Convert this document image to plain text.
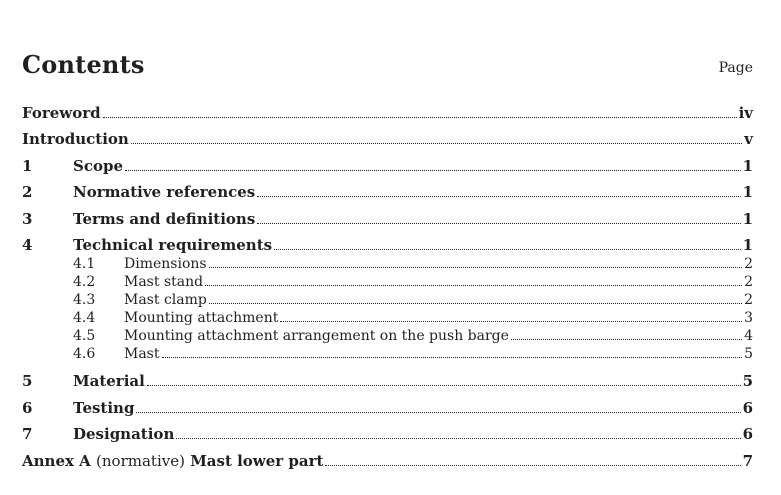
Contents	Page
Foreword	iv
Introduction	v
1	Scope	1
2	Normative references	1
3	Terms and definitions	1
4	Technical requirements	1
4.1	Dimensions	2
4.2	Mast stand	2
4.3	Mast clamp	2
4.4	Mounting attachment	3
4.5	Mounting attachment arrangement on the push barge	4
4.6	Mast	5
5	Material	5
6	Testing	6
7	Designation	6
Annex A (normative) Mast lower part	7
